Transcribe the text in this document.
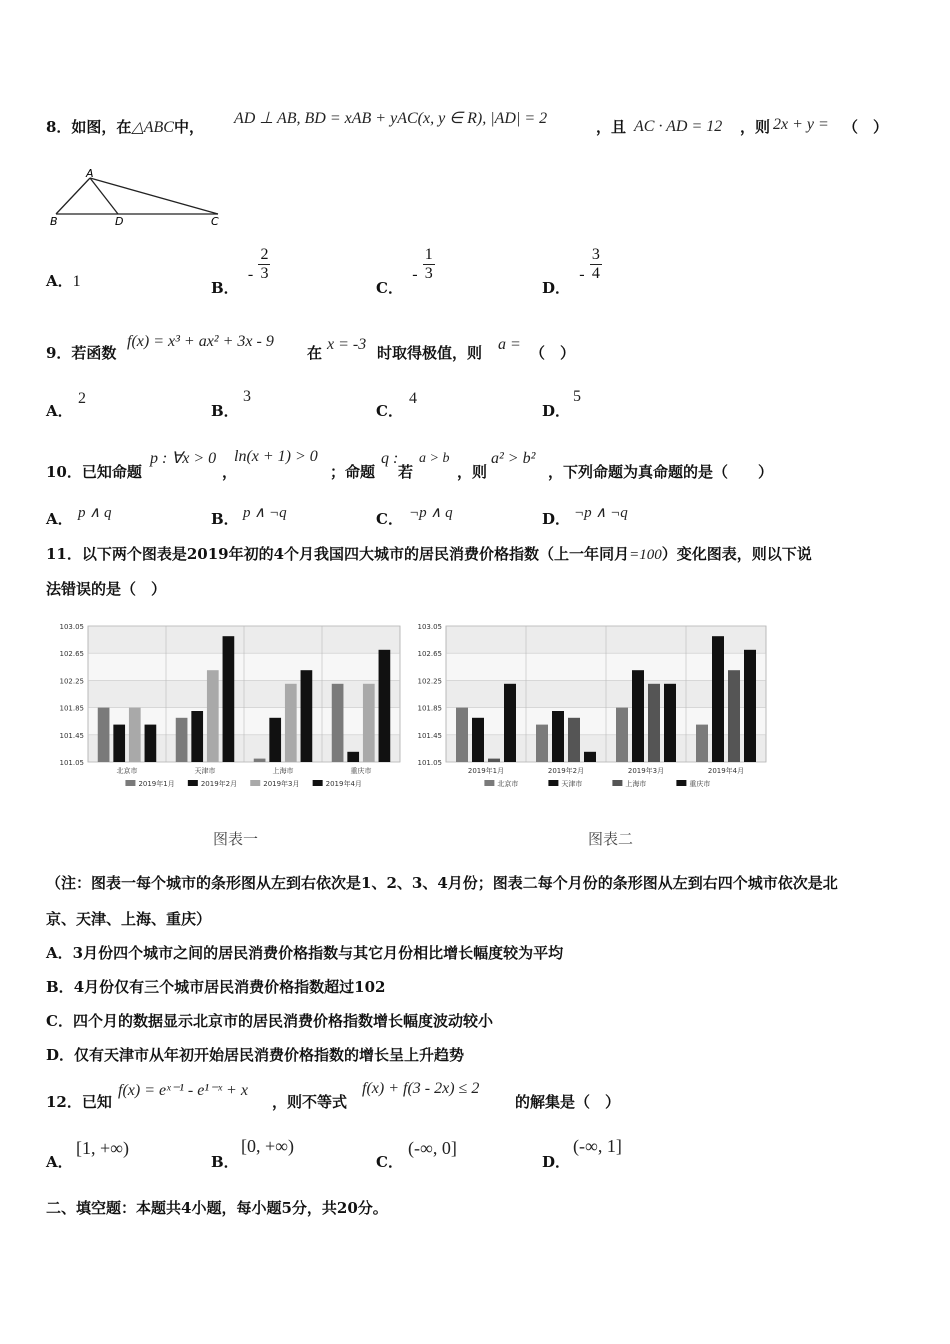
8．如图，在△ABC中， AD ⊥ AB, BD = xAB + yAC(x, y ∈ R), |AD| = 2	，且 AC · AD = 12 ，则 2x + y = （　）
A
B	D	C
A．1	B． - $\frac{2}{3}$
C． - $\frac{1}{3}$
D． - $\frac{3}{4}$
9．若函数
f(x) = x³ + ax² + 3x - 9
在 x = -3 时取得极值，则 a = （　）
A．
2
B．
3
C．
4
D．
5
10．已知命题
p : ∀x > 0
，
ln(x + 1) > 0
；命题
q :
若
a > b
，则
a² > b²
，下列命题为真命题的是（　　）
A． p ∧ q	B． p ∧ ¬q	C． ¬p ∧ q	D． ¬p ∧ ¬q
11．以下两个图表是2019年初的4个月我国四大城市的居民消费价格指数（上一年同月=100）变化图表，则以下说
法错误的是（　）
103.05
102.65
102.25
101.85
101.45
101.05
北京市	天津市	上海市	重庆市
2019年1月	2019年2月	2019年3月	2019年4月
图表一
103.05
102.65
102.25
101.85
101.45
101.05
2019年1月	2019年2月	2019年3月	2019年4月
北京市	天津市	上海市	重庆市
图表二
（注：图表一每个城市的条形图从左到右依次是1、2、3、4月份；图表二每个月份的条形图从左到右四个城市依次是北
京、天津、上海、重庆）
A．3月份四个城市之间的居民消费价格指数与其它月份相比增长幅度较为平均
B．4月份仅有三个城市居民消费价格指数超过102
C．四个月的数据显示北京市的居民消费价格指数增长幅度波动较小
D．仅有天津市从年初开始居民消费价格指数的增长呈上升趋势
12．已知
f(x) = eˣ⁻¹ - e¹⁻ˣ + x
，则不等式
f(x) + f(3 - 2x) ≤ 2
的解集是（　）
A．
[1, +∞)
B．
[0, +∞)
C．
(-∞, 0]
D．
(-∞, 1]
二、填空题：本题共4小题，每小题5分，共20分。
